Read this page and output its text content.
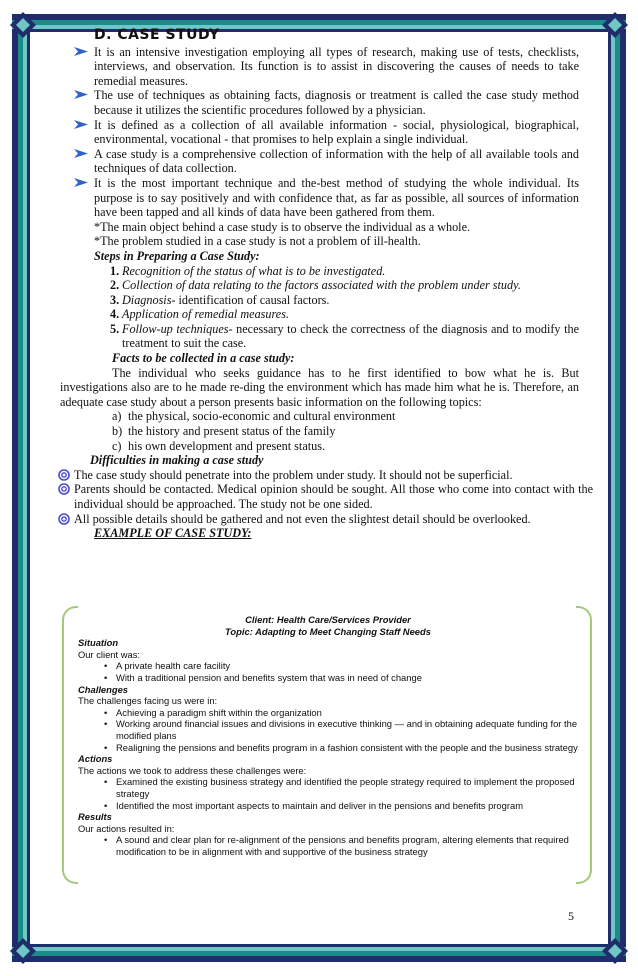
D. CASE STUDY
It is an intensive investigation employing all types of research, making use of tests, checklists, interviews, and observation. Its function is to assist in discovering the causes of needs to take remedial measures.
The use of techniques as obtaining facts, diagnosis or treatment is called the case study method because it utilizes the scientific procedures followed by a physician.
It is defined as a collection of all available information - social, physiological, biographical, environmental, vocational - that promises to help explain a single individual.
A case study is a comprehensive collection of information with the help of all available tools and techniques of data collection.
It is the most important technique and the-best method of studying the whole individual. Its purpose is to say positively and with confidence that, as far as possible, all sources of information have been tapped and all kinds of data have been gathered from them.
*The main object behind a case study is to observe the individual as a whole.
*The problem studied in a case study is not a problem of ill-health.
Steps in Preparing a Case Study:
1. Recognition of the status of what is to be investigated.
2. Collection of data relating to the factors associated with the problem under study.
3. Diagnosis- identification of causal factors.
4. Application of remedial measures.
5. Follow-up techniques- necessary to check the correctness of the diagnosis and to modify the treatment to suit the case.
Facts to be collected in a case study:
The individual who seeks guidance has to he first identified to bow what he is. But investigations also are to he made re-ding the environment which has made him what he is. Therefore, an adequate case study about a person presents basic information on the following topics:
a) the physical, socio-economic and cultural environment
b) the history and present status of the family
c) his own development and present status.
Difficulties in making a case study
The case study should penetrate into the problem under study. It should not be superficial.
Parents should be contacted. Medical opinion should be sought. All those who come into contact with the individual should be approached. The study not be one sided.
All possible details should be gathered and not even the slightest detail should be overlooked.
EXAMPLE OF CASE STUDY:
Client: Health Care/Services Provider
Topic: Adapting to Meet Changing Staff Needs
Situation
Our client was:
• A private health care facility
• With a traditional pension and benefits system that was in need of change
Challenges
The challenges facing us were in:
• Achieving a paradigm shift within the organization
• Working around financial issues and divisions in executive thinking — and in obtaining adequate funding for the modified plans
• Realigning the pensions and benefits program in a fashion consistent with the people and the business strategy
Actions
The actions we took to address these challenges were:
• Examined the existing business strategy and identified the people strategy required to implement the proposed strategy
• Identified the most important aspects to maintain and deliver in the pensions and benefits program
Results
Our actions resulted in:
• A sound and clear plan for re-alignment of the pensions and benefits program, altering elements that required modification to be in alignment with and supportive of the business strategy
5
